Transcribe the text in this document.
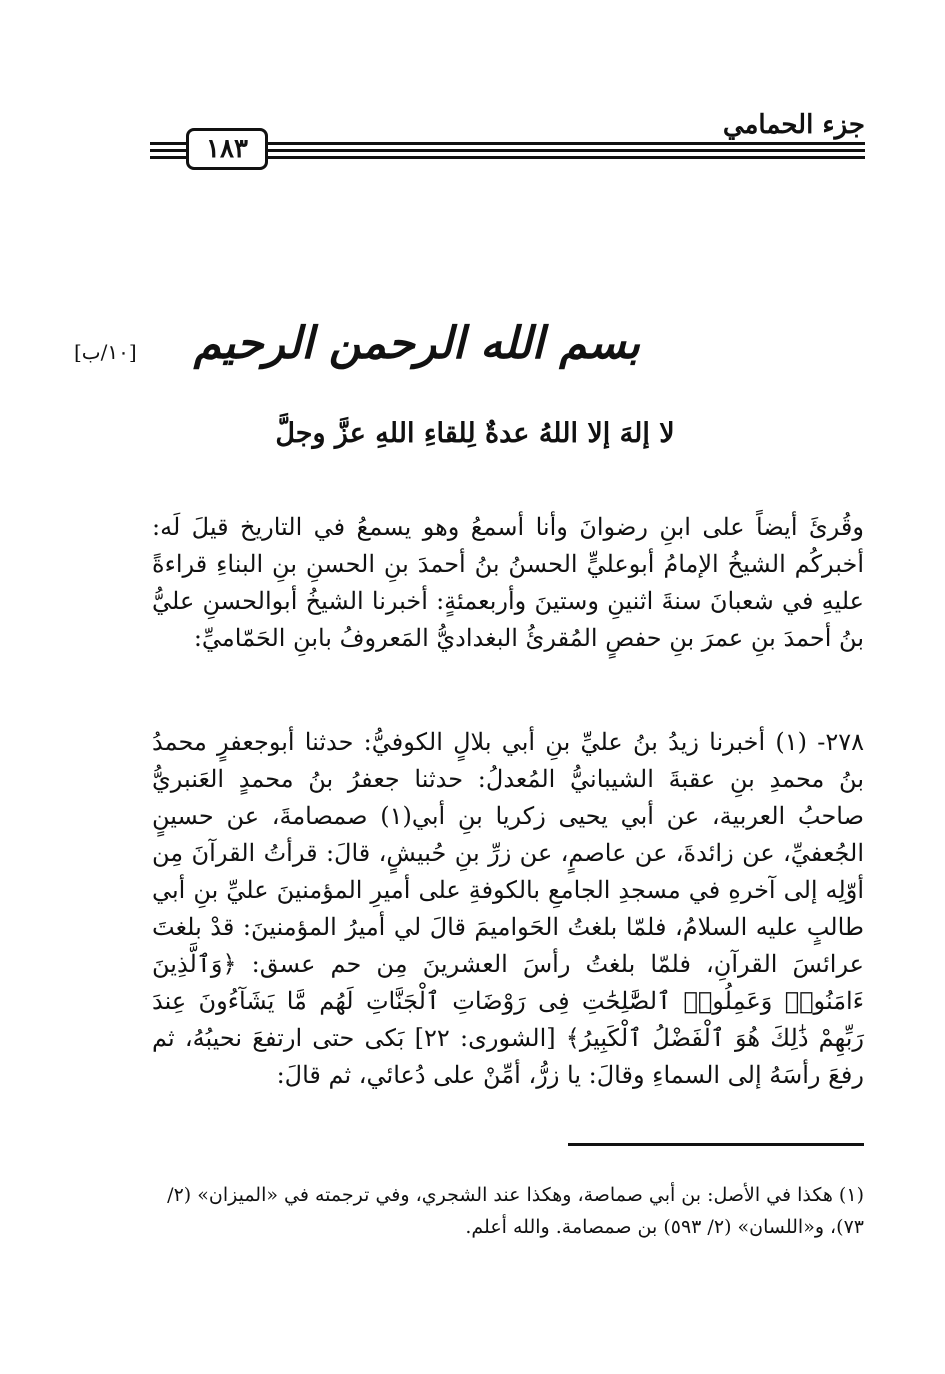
جزء الحمامي
١٨٣
[١٠/ب] بسم الله الرحمن الرحيم
لا إلهَ إلا اللهُ عدةٌ لِلقاءِ اللهِ عزَّ وجلَّ

وقُرئَ أيضاً على ابنِ رضوانَ وأنا أسمعُ وهو يسمعُ في التاريخ قيلَ لَه: أخبركُم الشيخُ الإمامُ أبوعليٍّ الحسنُ بنُ أحمدَ بنِ الحسنِ بنِ البناءِ قراءةً عليهِ في شعبانَ سنةَ اثنينِ وستينَ وأربعمئةٍ: أخبرنا الشيخُ أبوالحسنِ عليُّ بنُ أحمدَ بنِ عمرَ بنِ حفصٍ المُقرئُ البغداديُّ المَعروفُ بابنِ الحَمّاميِّ:

٢٧٨- (١) أخبرنا زيدُ بنُ عليِّ بنِ أبي بلالٍ الكوفيُّ: حدثنا أبوجعفرٍ محمدُ بنُ محمدِ بنِ عقبةَ الشيبانيُّ المُعدلُ: حدثنا جعفرُ بنُ محمدٍ العَنبريُّ صاحبُ العربية، عن أبي يحيى زكريا بنِ أبي(١) صمصامةَ، عن حسينٍ الجُعفيِّ، عن زائدةَ، عن عاصمٍ، عن زرِّ بنِ حُبيشٍ، قالَ: قرأتُ القرآنَ مِن أوّلِه إلى آخرهِ في مسجدِ الجامعِ بالكوفةِ على أميرِ المؤمنينَ عليِّ بنِ أبي طالبٍ عليه السلامُ، فلمّا بلغتُ الحَواميمَ قالَ لي أميرُ المؤمنينَ: قدْ بلغتَ عرائسَ القرآنِ، فلمّا بلغتُ رأسَ العشرينَ مِن حم عسق: ﴿وَٱلَّذِينَ ءَامَنُوا۟ وَعَمِلُوا۟ ٱلصَّٰلِحَٰتِ فِى رَوْضَاتِ ٱلْجَنَّاتِ لَهُم مَّا يَشَآءُونَ عِندَ رَبِّهِمْ ذَٰلِكَ هُوَ ٱلْفَضْلُ ٱلْكَبِيرُ﴾ [الشورى: ٢٢] بَكى حتى ارتفعَ نحيبُهُ، ثم رفعَ رأسَهُ إلى السماءِ وقالَ: يا زرُّ، أمِّنْ على دُعائي، ثم قالَ:

(١) هكذا في الأصل: بن أبي صماصة، وهكذا عند الشجري، وفي ترجمته في «الميزان» (٢/ ٧٣)، و«اللسان» (٢/ ٥٩٣) بن صمصامة. والله أعلم.
